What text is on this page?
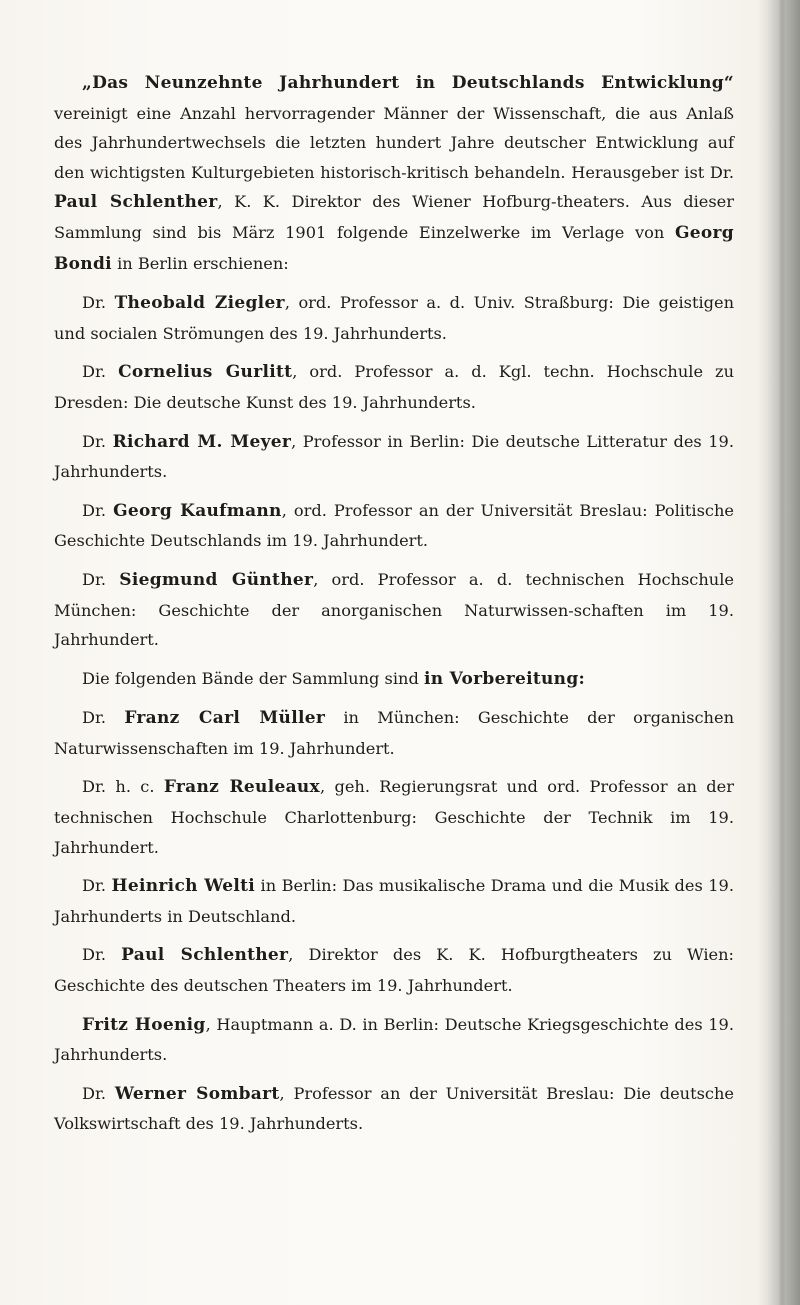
„Das Neunzehnte Jahrhundert in Deutschlands Entwicklung“ vereinigt eine Anzahl hervorragender Männer der Wissenschaft, die aus Anlaß des Jahrhundertwechsels die letzten hundert Jahre deutscher Entwicklung auf den wichtigsten Kulturgebieten historisch-kritisch behandeln. Herausgeber ist Dr. Paul Schlenther, K. K. Direktor des Wiener Hofburg-theaters. Aus dieser Sammlung sind bis März 1901 folgende Einzelwerke im Verlage von Georg Bondi in Berlin erschienen:

Dr. Theobald Ziegler, ord. Professor a. d. Univ. Straßburg: Die geistigen und socialen Strömungen des 19. Jahrhunderts.

Dr. Cornelius Gurlitt, ord. Professor a. d. Kgl. techn. Hochschule zu Dresden: Die deutsche Kunst des 19. Jahrhunderts.

Dr. Richard M. Meyer, Professor in Berlin: Die deutsche Litteratur des 19. Jahrhunderts.

Dr. Georg Kaufmann, ord. Professor an der Universität Breslau: Politische Geschichte Deutschlands im 19. Jahrhundert.

Dr. Siegmund Günther, ord. Professor a. d. technischen Hochschule München: Geschichte der anorganischen Naturwissen-schaften im 19. Jahrhundert.

Die folgenden Bände der Sammlung sind in Vorbereitung:

Dr. Franz Carl Müller in München: Geschichte der organischen Naturwissenschaften im 19. Jahrhundert.

Dr. h. c. Franz Reuleaux, geh. Regierungsrat und ord. Professor an der technischen Hochschule Charlottenburg: Geschichte der Technik im 19. Jahrhundert.

Dr. Heinrich Welti in Berlin: Das musikalische Drama und die Musik des 19. Jahrhunderts in Deutschland.

Dr. Paul Schlenther, Direktor des K. K. Hofburgtheaters zu Wien: Geschichte des deutschen Theaters im 19. Jahrhundert.

Fritz Hoenig, Hauptmann a. D. in Berlin: Deutsche Kriegsgeschichte des 19. Jahrhunderts.

Dr. Werner Sombart, Professor an der Universität Breslau: Die deutsche Volkswirtschaft des 19. Jahrhunderts.
